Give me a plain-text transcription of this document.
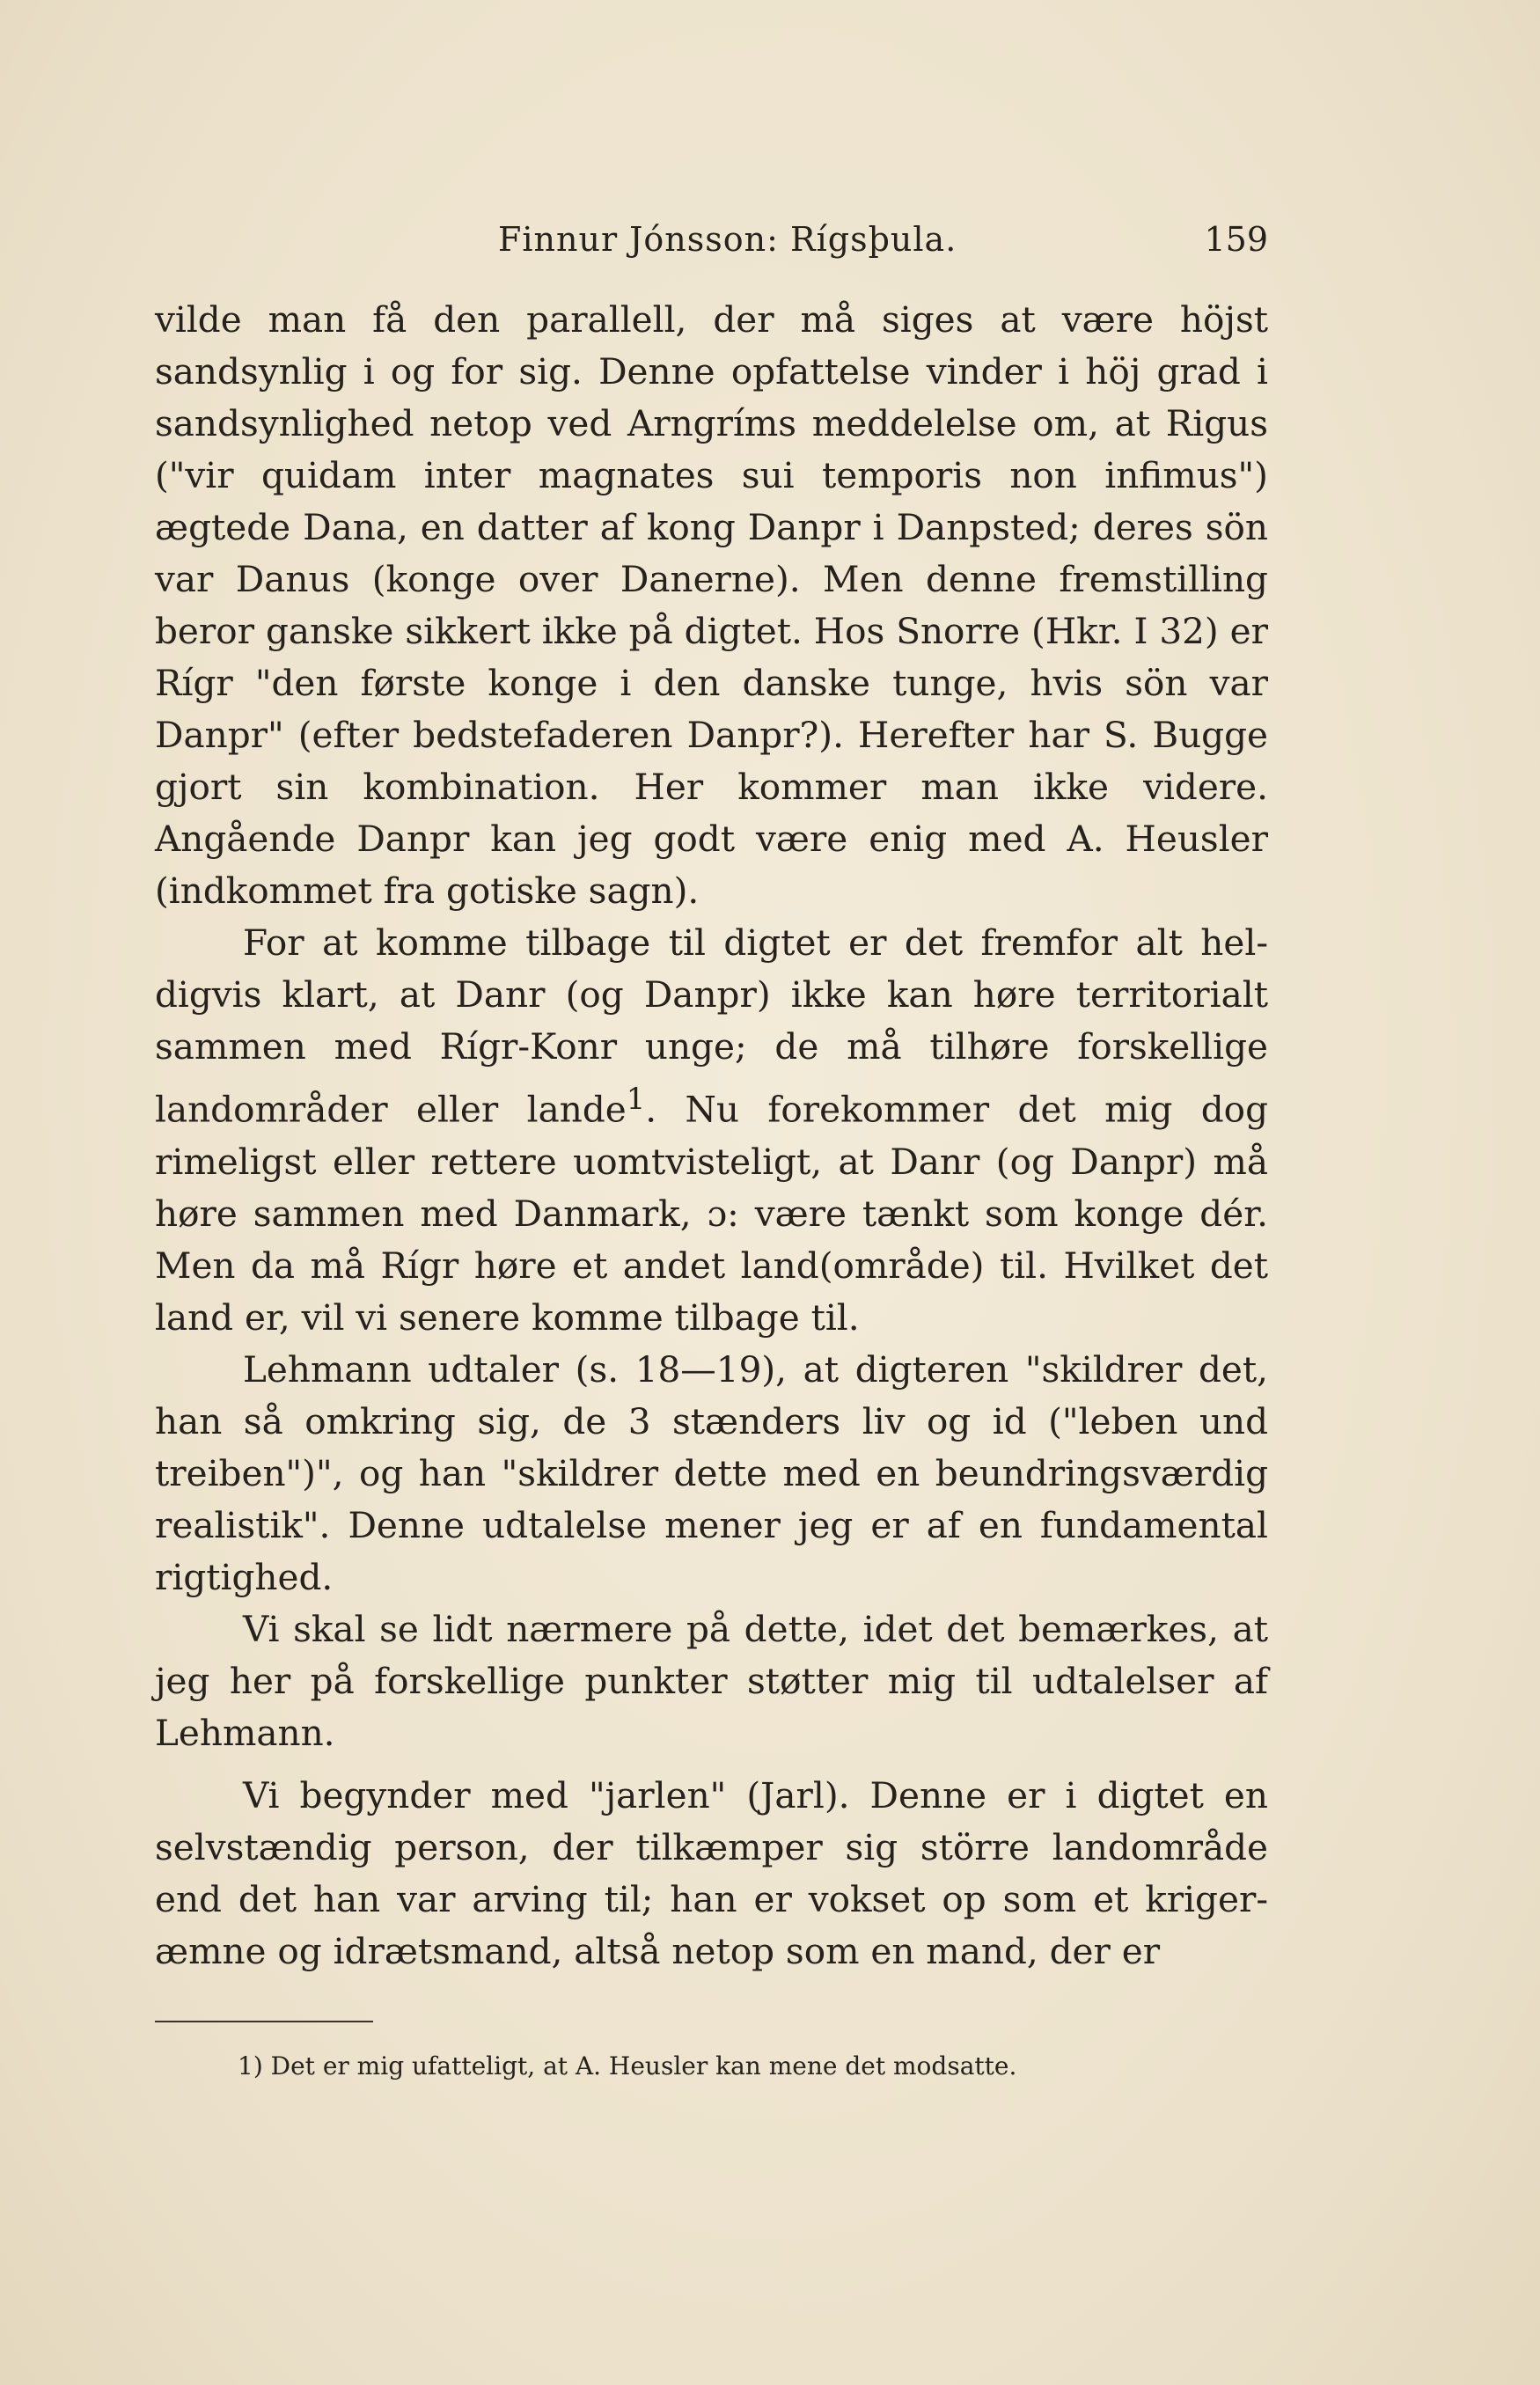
Finnur Jónsson: Rígsþula.	159

vilde man få den parallell, der må siges at være höjst sandsynlig i og for sig. Denne opfattelse vinder i höj grad i sandsynlighed netop ved Arngríms meddelelse om, at Rigus ("vir quidam inter magnates sui temporis non infimus") ægtede Dana, en datter af kong Danpr i Danpsted; deres sön var Danus (konge over Danerne). Men denne fremstilling beror ganske sikkert ikke på digtet. Hos Snorre (Hkr. I 32) er Rígr "den første konge i den danske tunge, hvis sön var Danpr" (efter bedstefaderen Danpr?). Herefter har S. Bugge gjort sin kombination. Her kommer man ikke videre. Angående Danpr kan jeg godt være enig med A. Heusler (indkommet fra gotiske sagn).

For at komme tilbage til digtet er det fremfor alt heldigvis klart, at Danr (og Danpr) ikke kan høre territorialt sammen med Rígr-Konr unge; de må tilhøre forskellige landområder eller lande$^1$. Nu forekommer det mig dog rimeligst eller rettere uomtvisteligt, at Danr (og Danpr) må høre sammen med Danmark, ɔ: være tænkt som konge dér. Men da må Rígr høre et andet land(område) til. Hvilket det land er, vil vi senere komme tilbage til.

Lehmann udtaler (s. 18—19), at digteren "skildrer det, han så omkring sig, de 3 stænders liv og id ("leben und treiben")", og han "skildrer dette med en beundringsværdig realistik". Denne udtalelse mener jeg er af en fundamental rigtighed.

Vi skal se lidt nærmere på dette, idet det bemærkes, at jeg her på forskellige punkter støtter mig til udtalelser af Lehmann.

Vi begynder med "jarlen" (Jarl). Denne er i digtet en selvstændig person, der tilkæmper sig större landområde end det han var arving til; han er vokset op som et krigeræmne og idrætsmand, altså netop som en mand, der er

1) Det er mig ufatteligt, at A. Heusler kan mene det modsatte.
